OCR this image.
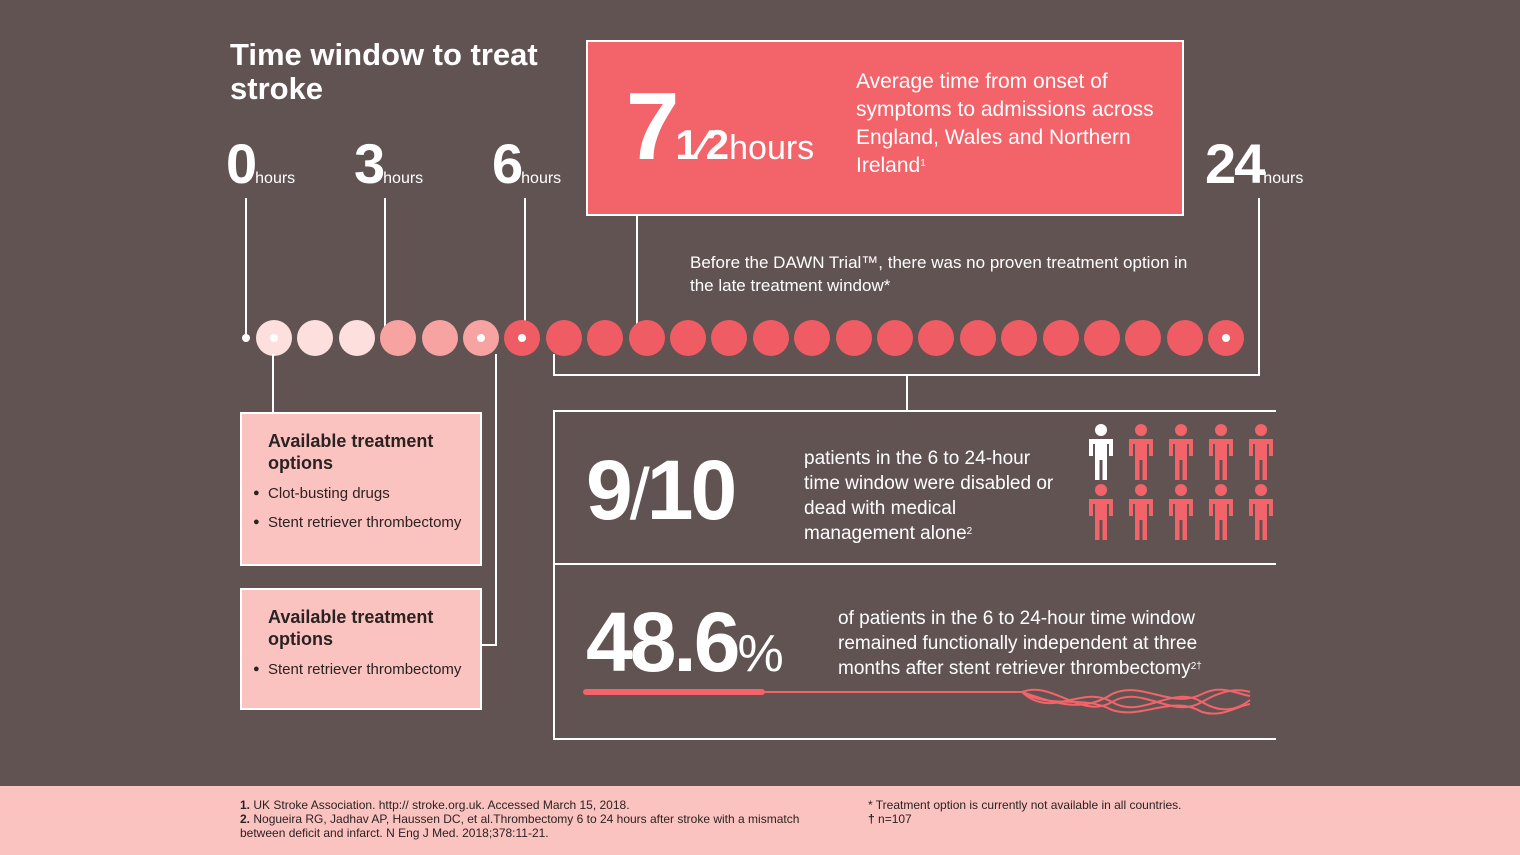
Time window to treat stroke
0hours 3hours 6hours	24hours
71⁄2hours
Average time from onset of symptoms to admissions across England, Wales and Northern Ireland$^1$
Before the DAWN Trial™, there was no proven treatment option in the late treatment window*
Available treatment options
● Clot-busting drugs
● Stent retriever thrombectomy
Available treatment options
● Stent retriever thrombectomy
9/10	patients in the 6 to 24-hour time window were disabled or dead with medical management alone$^2$
48.6%
of patients in the 6 to 24-hour time window remained functionally independent at three months after stent retriever thrombectomy$^{2\dagger}$
1. UK Stroke Association. http:// stroke.org.uk. Accessed March 15, 2018.
2. Nogueira RG, Jadhav AP, Haussen DC, et al.Thrombectomy 6 to 24 hours after stroke with a mismatch between deficit and infarct. N Eng J Med. 2018;378:11-21.
* Treatment option is currently not available in all countries.
† n=107
